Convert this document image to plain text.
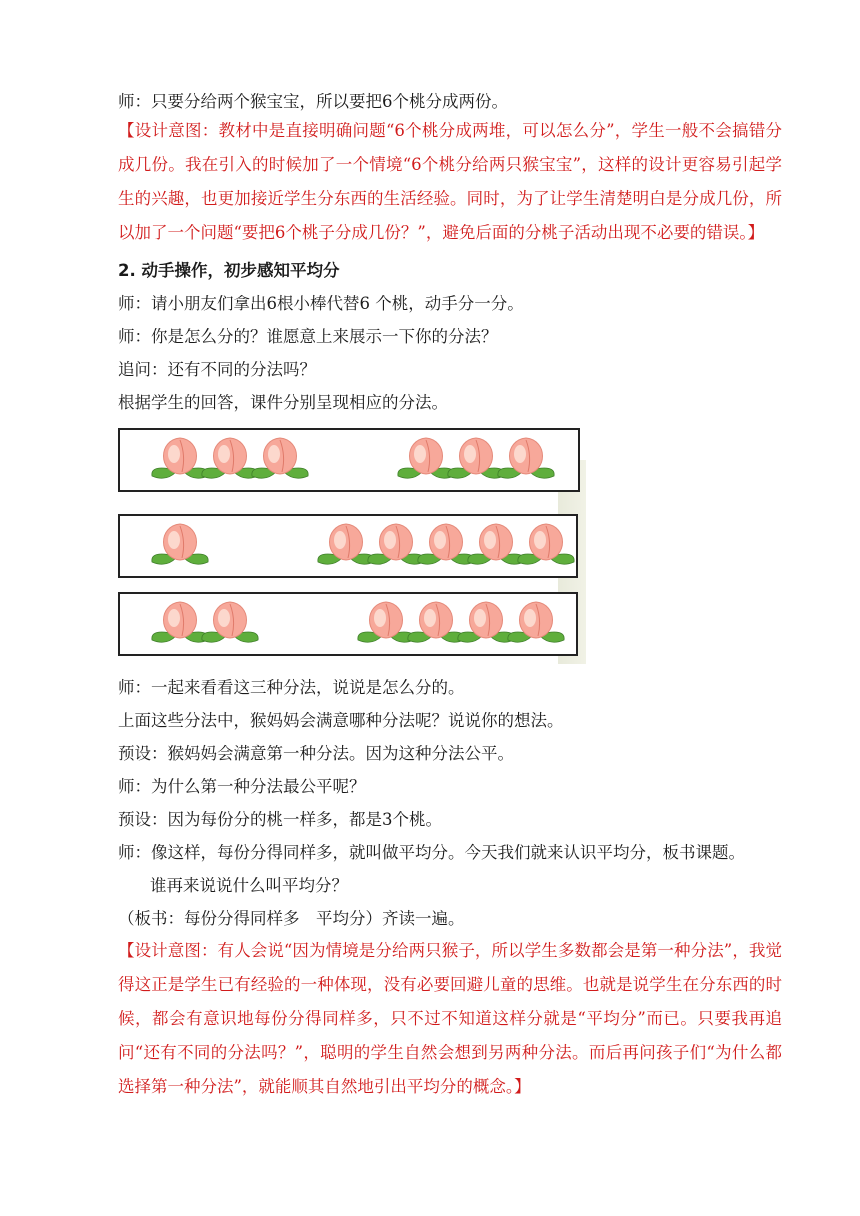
师：只要分给两个猴宝宝，所以要把6个桃分成两份。

【设计意图：教材中是直接明确问题“6个桃分成两堆，可以怎么分”，学生一般不会搞错分成几份。我在引入的时候加了一个情境“6个桃分给两只猴宝宝”，这样的设计更容易引起学生的兴趣，也更加接近学生分东西的生活经验。同时，为了让学生清楚明白是分成几份，所以加了一个问题“要把6个桃子分成几份？”，避免后面的分桃子活动出现不必要的错误。】

2. 动手操作，初步感知平均分
师：请小朋友们拿出6根小棒代替6 个桃，动手分一分。
师：你是怎么分的？谁愿意上来展示一下你的分法？
追问：还有不同的分法吗？
根据学生的回答，课件分别呈现相应的分法。
师：一起来看看这三种分法，说说是怎么分的。
上面这些分法中，猴妈妈会满意哪种分法呢？说说你的想法。
预设：猴妈妈会满意第一种分法。因为这种分法公平。
师：为什么第一种分法最公平呢？
预设：因为每份分的桃一样多，都是3个桃。
师：像这样，每份分得同样多，就叫做平均分。今天我们就来认识平均分，板书课题。
谁再来说说什么叫平均分？
（板书：每份分得同样多　平均分）齐读一遍。

【设计意图：有人会说“因为情境是分给两只猴子，所以学生多数都会是第一种分法”，我觉得这正是学生已有经验的一种体现，没有必要回避儿童的思维。也就是说学生在分东西的时候，都会有意识地每份分得同样多，只不过不知道这样分就是“平均分”而已。只要我再追问“还有不同的分法吗？”，聪明的学生自然会想到另两种分法。而后再问孩子们“为什么都选择第一种分法”，就能顺其自然地引出平均分的概念。】
